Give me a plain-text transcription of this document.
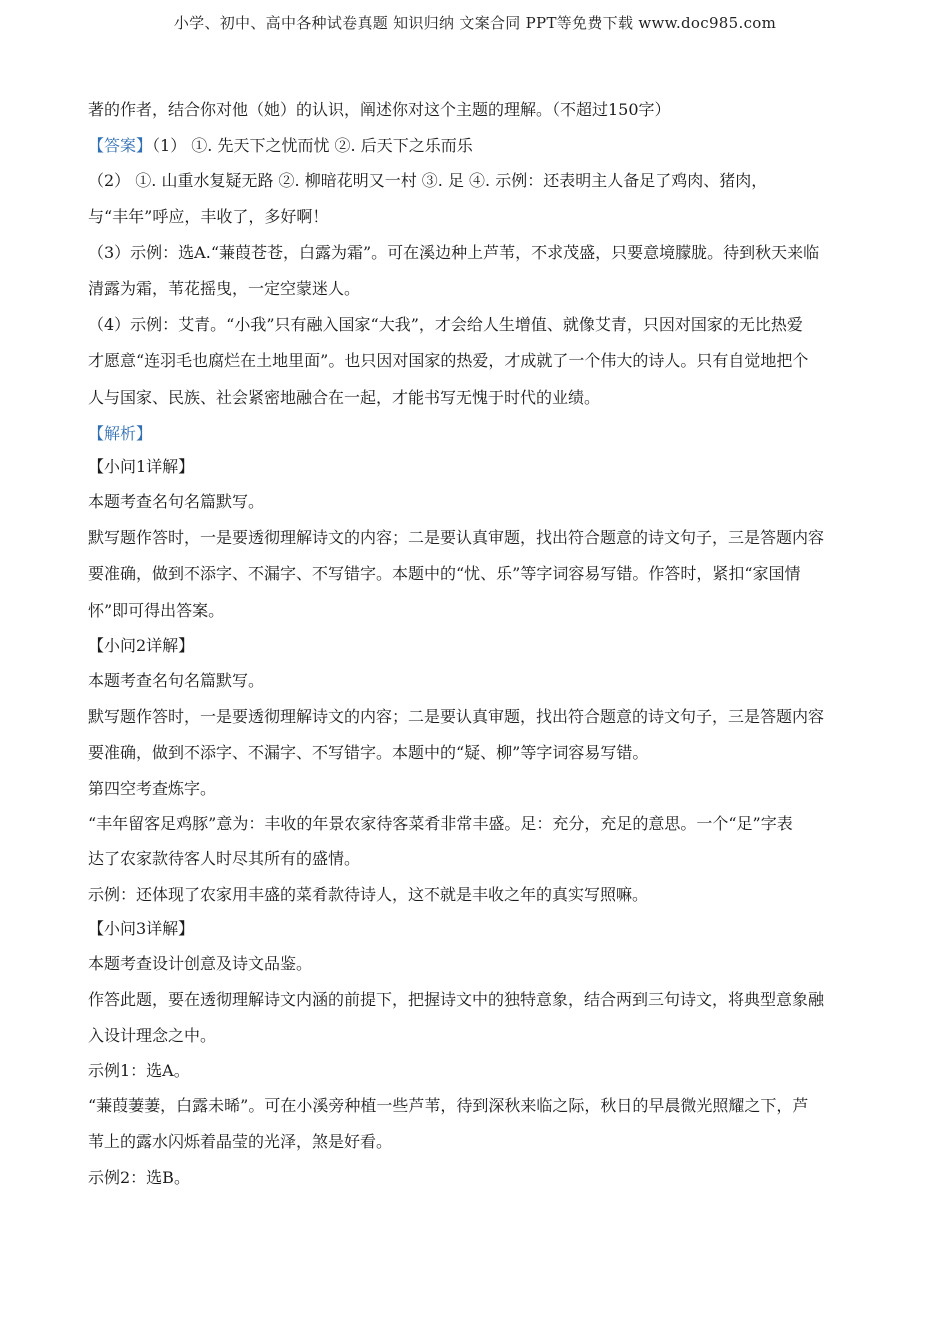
小学、初中、高中各种试卷真题 知识归纳 文案合同 PPT等免费下载 www.doc985.com

著的作者，结合你对他（她）的认识，阐述你对这个主题的理解。（不超过150字）

【答案】（1） ①. 先天下之忧而忧 ②. 后天下之乐而乐

（2） ①. 山重水复疑无路 ②. 柳暗花明又一村 ③. 足 ④. 示例：还表明主人备足了鸡肉、猪肉，

与“丰年”呼应，丰收了，多好啊！

（3）示例：选A.“蒹葭苍苍，白露为霜”。可在溪边种上芦苇，不求茂盛，只要意境朦胧。待到秋天来临

清露为霜，苇花摇曳，一定空蒙迷人。

（4）示例：艾青。“小我”只有融入国家“大我”，才会给人生增值、就像艾青，只因对国家的无比热爱

才愿意“连羽毛也腐烂在土地里面”。也只因对国家的热爱，才成就了一个伟大的诗人。只有自觉地把个

人与国家、民族、社会紧密地融合在一起，才能书写无愧于时代的业绩。

【解析】

【小问1详解】

本题考查名句名篇默写。

默写题作答时，一是要透彻理解诗文的内容；二是要认真审题，找出符合题意的诗文句子，三是答题内容

要准确，做到不添字、不漏字、不写错字。本题中的“忧、乐”等字词容易写错。作答时，紧扣“家国情

怀”即可得出答案。

【小问2详解】

本题考查名句名篇默写。

默写题作答时，一是要透彻理解诗文的内容；二是要认真审题，找出符合题意的诗文句子，三是答题内容

要准确，做到不添字、不漏字、不写错字。本题中的“疑、柳”等字词容易写错。

第四空考查炼字。

“丰年留客足鸡豚”意为：丰收的年景农家待客菜肴非常丰盛。足：充分，充足的意思。一个“足”字表

达了农家款待客人时尽其所有的盛情。

示例：还体现了农家用丰盛的菜肴款待诗人，这不就是丰收之年的真实写照嘛。

【小问3详解】

本题考查设计创意及诗文品鉴。

作答此题，要在透彻理解诗文内涵的前提下，把握诗文中的独特意象，结合两到三句诗文，将典型意象融

入设计理念之中。

示例1：选A。

“蒹葭萋萋，白露未晞”。可在小溪旁种植一些芦苇，待到深秋来临之际，秋日的早晨微光照耀之下，芦

苇上的露水闪烁着晶莹的光泽，煞是好看。

示例2：选B。
